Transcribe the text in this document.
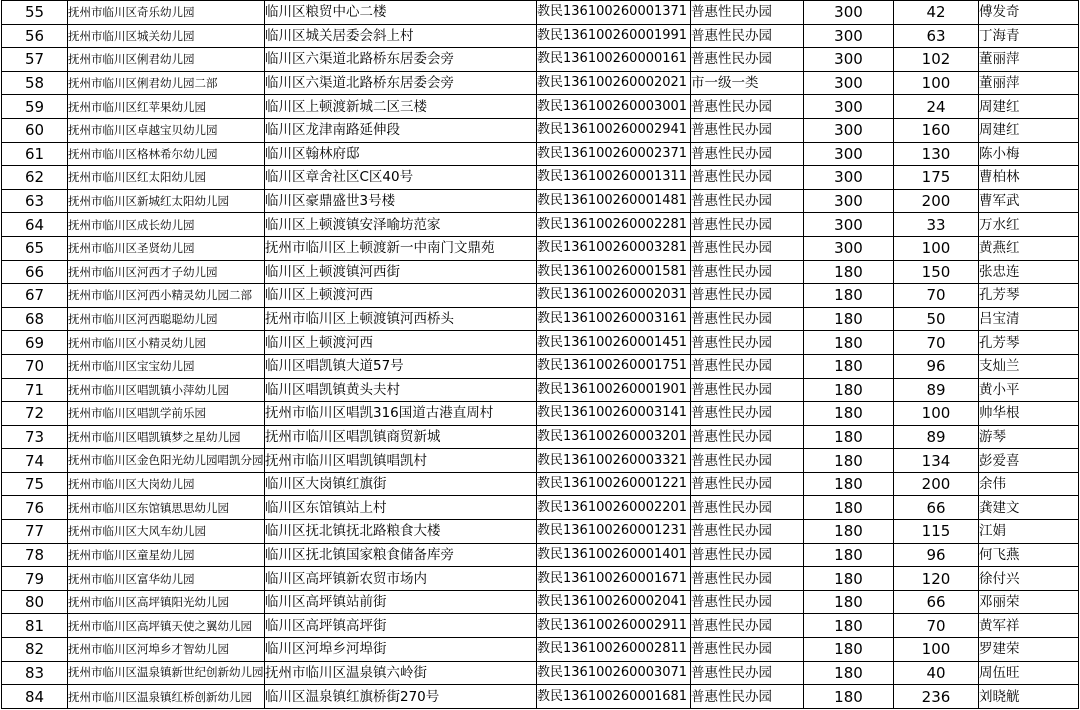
55	抚州市临川区奇乐幼儿园	临川区粮贸中心二楼	教民136100260001371	普惠性民办园	300	42	傅发奇
56	抚州市临川区城关幼儿园	临川区城关居委会斜上村	教民136100260001991	普惠性民办园	300	63	丁海青
57	抚州市临川区俐君幼儿园	临川区六渠道北路桥东居委会旁	教民136100260000161	普惠性民办园	300	102	董丽萍
58	抚州市临川区俐君幼儿园二部	临川区六渠道北路桥东居委会旁	教民136100260002021	市一级一类	300	100	董丽萍
59	抚州市临川区红苹果幼儿园	临川区上顿渡新城二区三楼	教民136100260003001	普惠性民办园	300	24	周建红
60	抚州市临川区卓越宝贝幼儿园	临川区龙津南路延伸段	教民136100260002941	普惠性民办园	300	160	周建红
61	抚州市临川区格林希尔幼儿园	临川区翰林府邸	教民136100260002371	普惠性民办园	300	130	陈小梅
62	抚州市临川区红太阳幼儿园	临川区章舍社区C区40号	教民136100260001311	普惠性民办园	300	175	曹柏林
63	抚州市临川区新城红太阳幼儿园	临川区豪鼎盛世3号楼	教民136100260001481	普惠性民办园	300	200	曹军武
64	抚州市临川区成长幼儿园	临川区上顿渡镇安泽喻坊范家	教民136100260002281	普惠性民办园	300	33	万水红
65	抚州市临川区圣贤幼儿园	抚州市临川区上顿渡新一中南门文鼎苑	教民136100260003281	普惠性民办园	300	100	黄燕红
66	抚州市临川区河西才子幼儿园	临川区上顿渡镇河西街	教民136100260001581	普惠性民办园	180	150	张忠连
67	抚州市临川区河西小精灵幼儿园二部	临川区上顿渡河西	教民136100260002031	普惠性民办园	180	70	孔芳琴
68	抚州市临川区河西聪聪幼儿园	抚州市临川区上顿渡镇河西桥头	教民136100260003161	普惠性民办园	180	50	吕宝清
69	抚州市临川区小精灵幼儿园	临川区上顿渡河西	教民136100260001451	普惠性民办园	180	70	孔芳琴
70	抚州市临川区宝宝幼儿园	临川区唱凯镇大道57号	教民136100260001751	普惠性民办园	180	96	支灿兰
71	抚州市临川区唱凯镇小萍幼儿园	临川区唱凯镇黄头夫村	教民136100260001901	普惠性民办园	180	89	黄小平
72	抚州市临川区唱凯学前乐园	抚州市临川区唱凯316国道古港直周村	教民136100260003141	普惠性民办园	180	100	帅华根
73	抚州市临川区唱凯镇梦之星幼儿园	抚州市临川区唱凯镇商贸新城	教民136100260003201	普惠性民办园	180	89	游琴
74	抚州市临川区金色阳光幼儿园唱凯分园	抚州市临川区唱凯镇唱凯村	教民136100260003321	普惠性民办园	180	134	彭爱喜
75	抚州市临川区大岗幼儿园	临川区大岗镇红旗街	教民136100260001221	普惠性民办园	180	200	余伟
76	抚州市临川区东馆镇思思幼儿园	临川区东馆镇站上村	教民136100260002201	普惠性民办园	180	66	龚建文
77	抚州市临川区大风车幼儿园	临川区抚北镇抚北路粮食大楼	教民136100260001231	普惠性民办园	180	115	江娟
78	抚州市临川区童星幼儿园	临川区抚北镇国家粮食储备库旁	教民136100260001401	普惠性民办园	180	96	何飞燕
79	抚州市临川区富华幼儿园	临川区高坪镇新农贸市场内	教民136100260001671	普惠性民办园	180	120	徐付兴
80	抚州市临川区高坪镇阳光幼儿园	临川区高坪镇站前街	教民136100260002041	普惠性民办园	180	66	邓丽荣
81	抚州市临川区高坪镇天使之翼幼儿园	临川区高坪镇高坪街	教民136100260002911	普惠性民办园	180	70	黄军祥
82	抚州市临川区河埠乡才智幼儿园	临川区河埠乡河埠街	教民136100260002811	普惠性民办园	180	100	罗建荣
83	抚州市临川区温泉镇新世纪创新幼儿园	抚州市临川区温泉镇六岭街	教民136100260003071	普惠性民办园	180	40	周伍旺
84	抚州市临川区温泉镇红桥创新幼儿园	临川区温泉镇红旗桥街270号	教民136100260001681	普惠性民办园	180	236	刘晓觥
